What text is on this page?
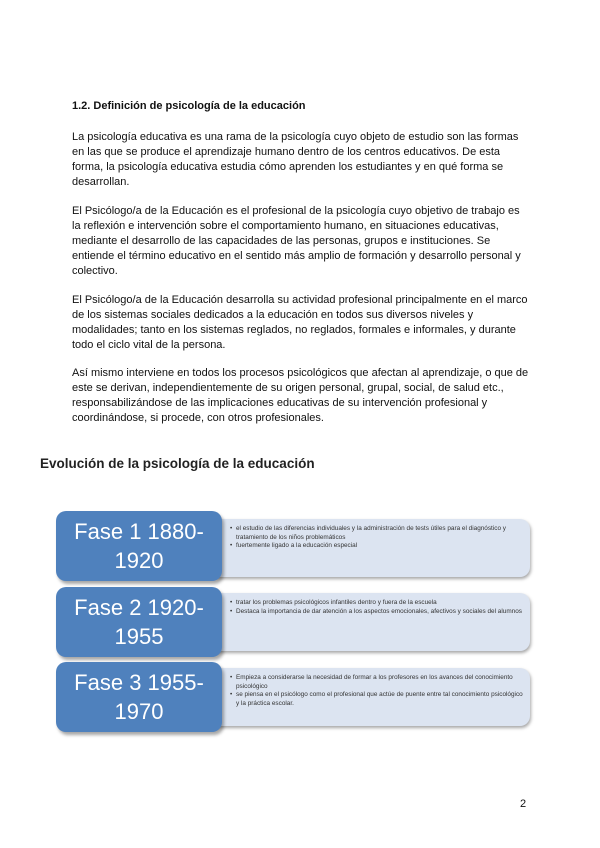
1.2. Definición de psicología de la educación

La psicología educativa es una rama de la psicología cuyo objeto de estudio son las formas en las que se produce el aprendizaje humano dentro de los centros educativos. De esta forma, la psicología educativa estudia cómo aprenden los estudiantes y en qué forma se desarrollan.

El Psicólogo/a de la Educación es el profesional de la psicología cuyo objetivo de trabajo es la reflexión e intervención sobre el comportamiento humano, en situaciones educativas, mediante el desarrollo de las capacidades de las personas, grupos e instituciones. Se entiende el término educativo en el sentido más amplio de formación y desarrollo personal y colectivo.

El Psicólogo/a de la Educación desarrolla su actividad profesional principalmente en el marco de los sistemas sociales dedicados a la educación en todos sus diversos niveles y modalidades; tanto en los sistemas reglados, no reglados, formales e informales, y durante todo el ciclo vital de la persona.

Así mismo interviene en todos los procesos psicológicos que afectan al aprendizaje, o que de este se derivan, independientemente de su origen personal, grupal, social, de salud etc., responsabilizándose de las implicaciones educativas de su intervención profesional y coordinándose, si procede, con otros profesionales.

Evolución de la psicología de la educación
• el estudio de las diferencias individuales y la administración de tests útiles para el diagnóstico y tratamiento de los niños problemáticos
• fuertemente ligado a la educación especial
Fase 1 1880-1920
• tratar los problemas psicológicos infantiles dentro y fuera de la escuela
• Destaca la importancia de dar atención a los aspectos emocionales, afectivos y sociales del alumnos
Fase 2 1920-1955
• Empieza a considerarse la necesidad de formar a los profesores en los avances del conocimiento psicológico
• se piensa en el psicólogo como el profesional que actúe de puente entre tal conocimiento psicológico y la práctica escolar.
Fase 3 1955-1970

2
